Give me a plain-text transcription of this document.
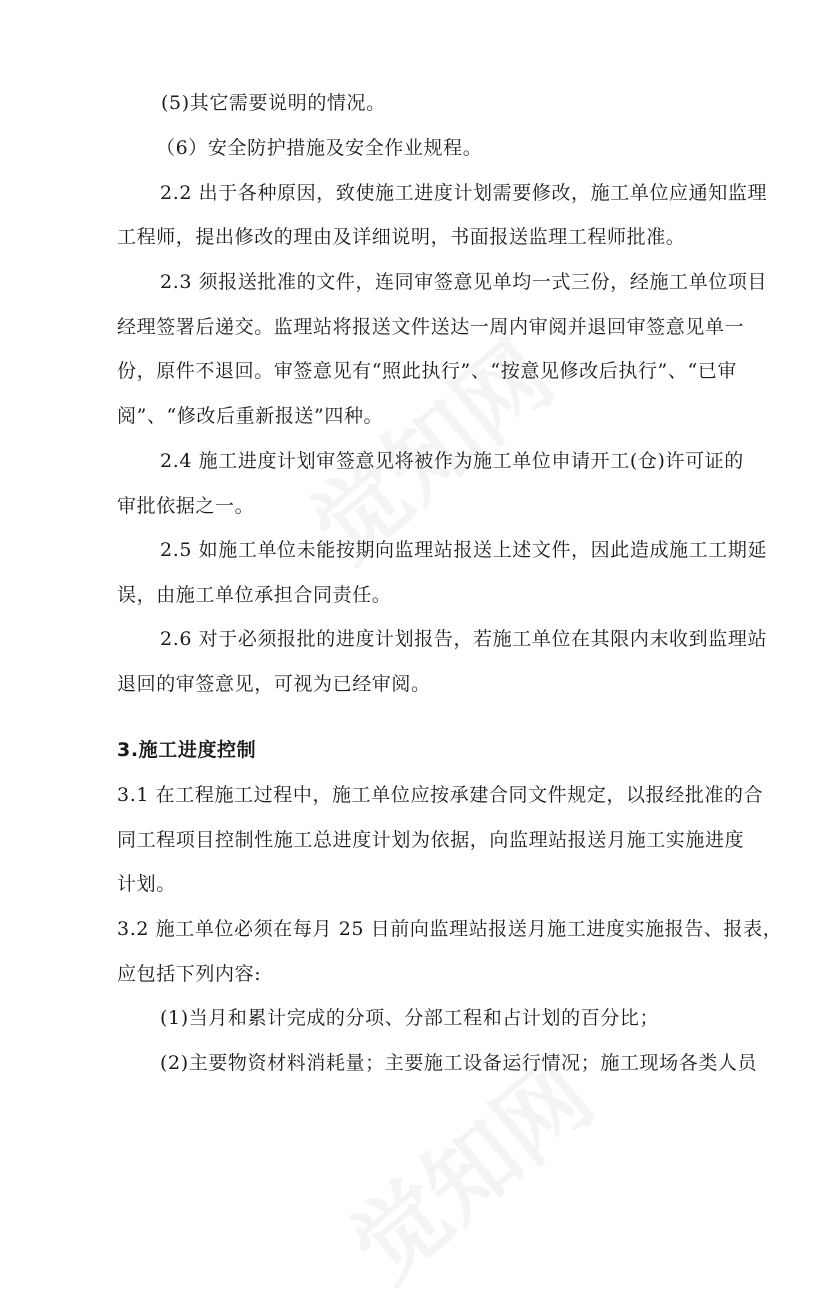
(5)其它需要说明的情况。
（6）安全防护措施及安全作业规程。
2.2 出于各种原因，致使施工进度计划需要修改，施工单位应通知监理
工程师，提出修改的理由及详细说明，书面报送监理工程师批准。
2.3 须报送批准的文件，连同审签意见单均一式三份，经施工单位项目
经理签署后递交。监理站将报送文件送达一周内审阅并退回审签意见单一
份，原件不退回。审签意见有“照此执行”、“按意见修改后执行”、“已审
阅”、“修改后重新报送”四种。
2.4 施工进度计划审签意见将被作为施工单位申请开工(仓)许可证的
审批依据之一。
2.5 如施工单位未能按期向监理站报送上述文件，因此造成施工工期延
误，由施工单位承担合同责任。
2.6 对于必须报批的进度计划报告，若施工单位在其限内末收到监理站
退回的审签意见，可视为已经审阅。
3.施工进度控制
3.1 在工程施工过程中，施工单位应按承建合同文件规定，以报经批准的合
同工程项目控制性施工总进度计划为依据，向监理站报送月施工实施进度
计划。
3.2 施工单位必须在每月 25 日前向监理站报送月施工进度实施报告、报表，
应包括下列内容:
(1)当月和累计完成的分项、分部工程和占计划的百分比；
(2)主要物资材料消耗量；主要施工设备运行情况；施工现场各类人员
